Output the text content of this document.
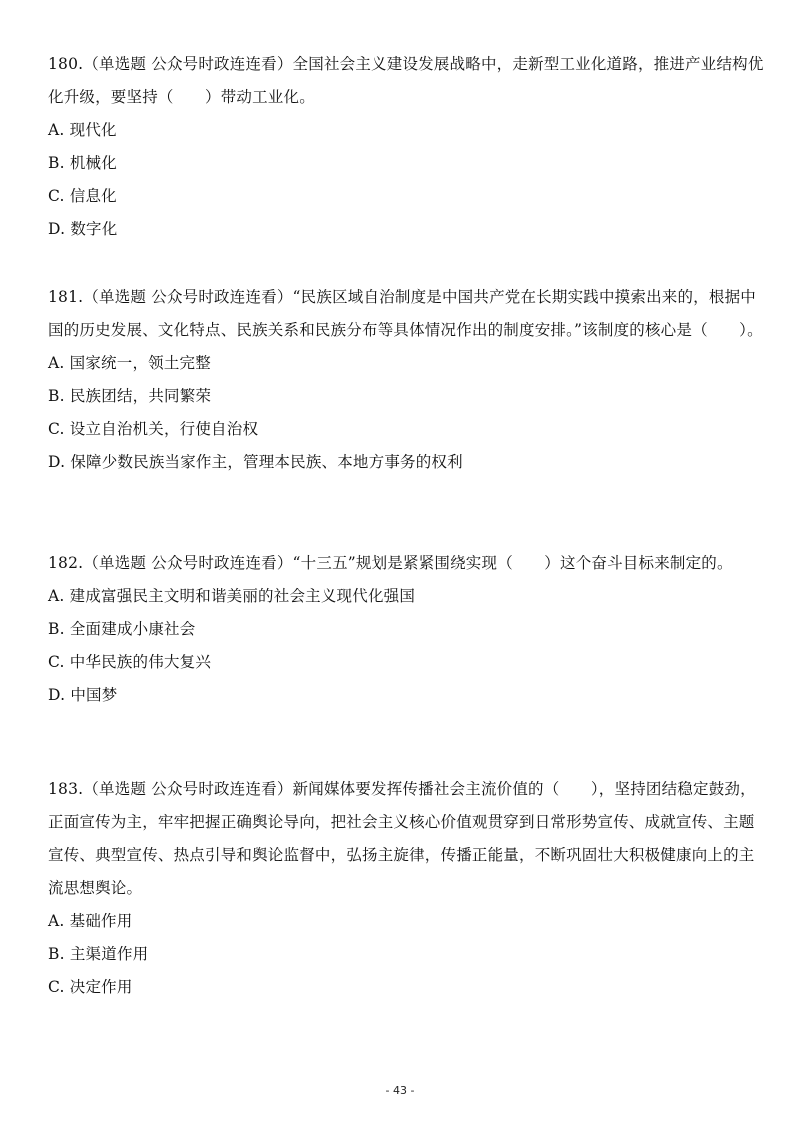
180.（单选题 公众号时政连连看）全国社会主义建设发展战略中，走新型工业化道路，推进产业结构优化升级，要坚持（　　）带动工业化。

A. 现代化
B. 机械化
C. 信息化
D. 数字化

181.（单选题 公众号时政连连看）“民族区域自治制度是中国共产党在长期实践中摸索出来的，根据中国的历史发展、文化特点、民族关系和民族分布等具体情况作出的制度安排。”该制度的核心是（　　）。

A. 国家统一，领土完整
B. 民族团结，共同繁荣
C. 设立自治机关，行使自治权
D. 保障少数民族当家作主，管理本民族、本地方事务的权利

182.（单选题 公众号时政连连看）“十三五”规划是紧紧围绕实现（　　）这个奋斗目标来制定的。

A. 建成富强民主文明和谐美丽的社会主义现代化强国
B. 全面建成小康社会
C. 中华民族的伟大复兴
D. 中国梦

183.（单选题 公众号时政连连看）新闻媒体要发挥传播社会主流价值的（　　），坚持团结稳定鼓劲，正面宣传为主，牢牢把握正确舆论导向，把社会主义核心价值观贯穿到日常形势宣传、成就宣传、主题宣传、典型宣传、热点引导和舆论监督中，弘扬主旋律，传播正能量，不断巩固壮大积极健康向上的主流思想舆论。

A. 基础作用
B. 主渠道作用
C. 决定作用
- 43 -
